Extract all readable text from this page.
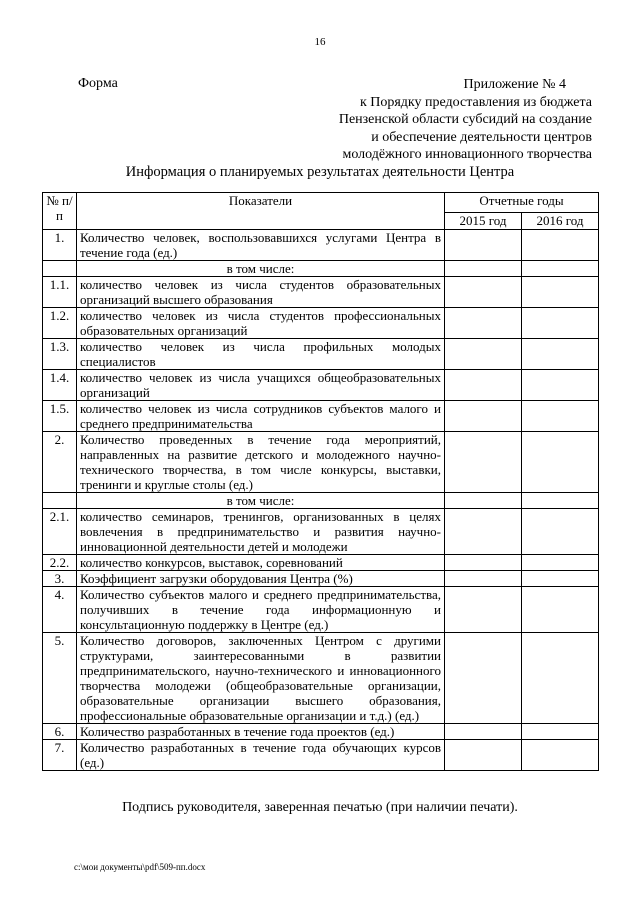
16
Форма	Приложение № 4
к Порядку предоставления из бюджета
Пензенской области субсидий на создание
и обеспечение деятельности центров
молодёжного инновационного творчества
Информация о планируемых результатах деятельности Центра
№ п/п	Показатели	Отчетные годы	
		2015 год	2016 год
1.	Количество человек, воспользовавшихся услугами Центра в течение года (ед.)		
	в том числе:		
1.1.	количество человек из числа студентов образовательных организаций высшего образования		
1.2.	количество человек из числа студентов профессиональных образовательных организаций		
1.3.	количество человек из числа профильных молодых специалистов		
1.4.	количество человек из числа учащихся общеобразовательных организаций		
1.5.	количество человек из числа сотрудников субъектов малого и среднего предпринимательства		
2.	Количество проведенных в течение года мероприятий, направленных на развитие детского и молодежного научно-технического творчества, в том числе конкурсы, выставки, тренинги и круглые столы (ед.)		
	в том числе:		
2.1.	количество семинаров, тренингов, организованных в целях вовлечения в предпринимательство и развития научно-инновационной деятельности детей и молодежи		
2.2.	количество конкурсов, выставок, соревнований		
3.	Коэффициент загрузки оборудования Центра (%)		
4.	Количество субъектов малого и среднего предпринимательства, получивших в течение года информационную и консультационную поддержку в Центре (ед.)		
5.	Количество договоров, заключенных Центром с другими структурами, заинтересованными в развитии предпринимательского, научно-технического и инновационного творчества молодежи (общеобразовательные организации, образовательные организации высшего образования, профессиональные образовательные организации и т.д.) (ед.)		
6.	Количество разработанных в течение года проектов (ед.)		
7.	Количество разработанных в течение года обучающих курсов (ед.)		
Подпись руководителя, заверенная печатью (при наличии печати).
c:\мои документы\pdf\509-пп.docx
